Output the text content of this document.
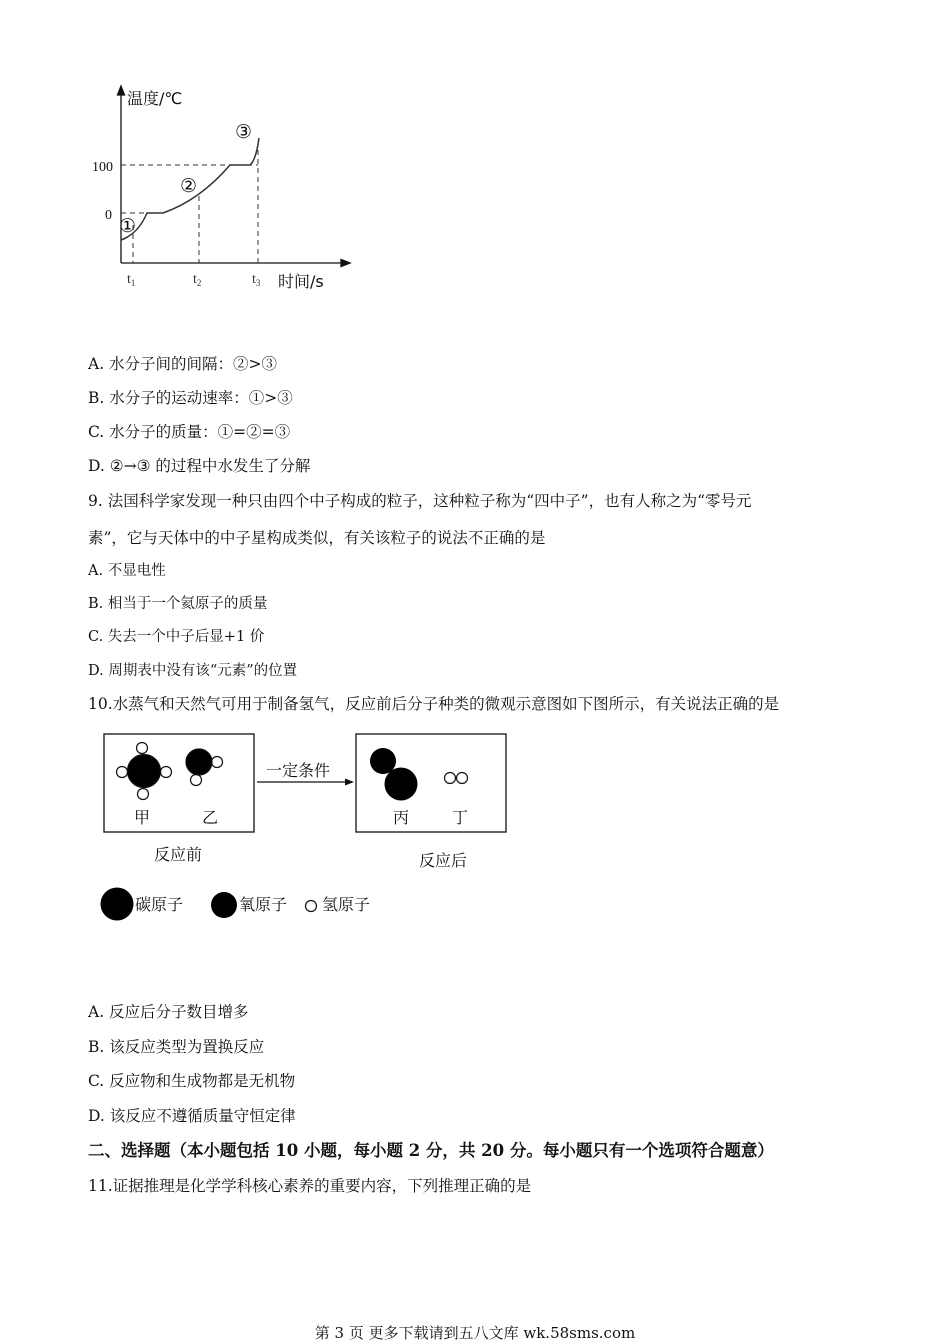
温度/℃
时间/s
100
0
$t_1$	$t_2$	$t_3$
①
②
③
A. 水分子间的间隔：②>③
B. 水分子的运动速率：①>③
C. 水分子的质量：①=②=③
D. ②→③ 的过程中水发生了分解
9. 法国科学家发现一种只由四个中子构成的粒子，这种粒子称为“四中子”，也有人称之为“零号元
素”，它与天体中的中子星构成类似，有关该粒子的说法不正确的是
A. 不显电性
B. 相当于一个氦原子的质量
C. 失去一个中子后显+1 价
D. 周期表中没有该“元素”的位置
10.水蒸气和天然气可用于制备氢气，反应前后分子种类的微观示意图如下图所示，有关说法正确的是
一定条件
甲	乙	丙	丁
反应前	反应后
碳原子	氧原子 氢原子
A. 反应后分子数目增多
B. 该反应类型为置换反应
C. 反应物和生成物都是无机物
D. 该反应不遵循质量守恒定律
二、选择题（本小题包括 10 小题，每小题 2 分，共 20 分。每小题只有一个选项符合题意）
11.证据推理是化学学科核心素养的重要内容，下列推理正确的是
第 3 页 更多下载请到五八文库 wk.58sms.com
